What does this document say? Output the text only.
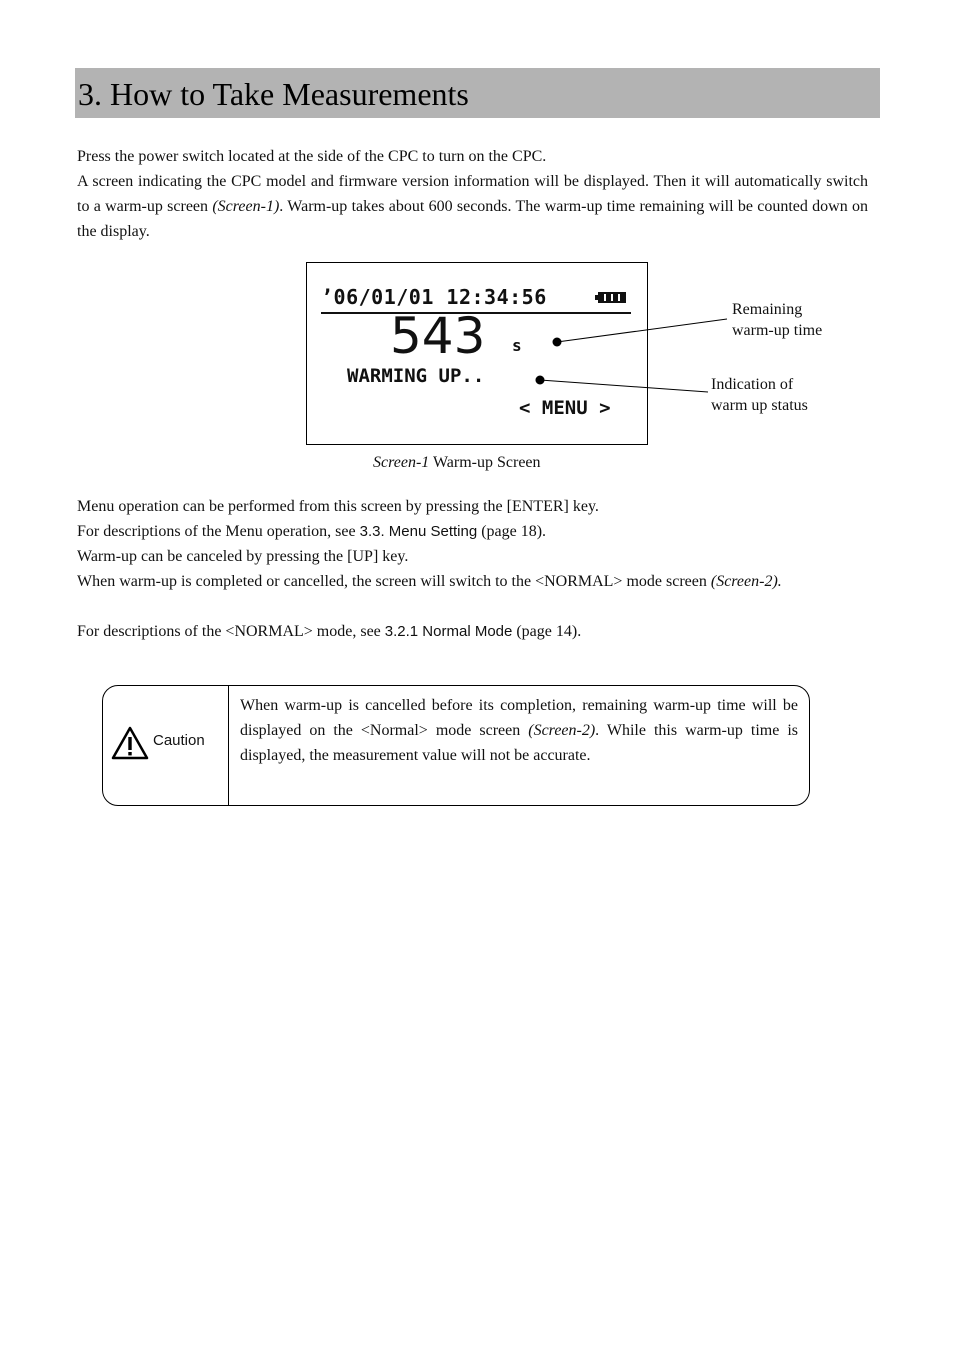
3. How to Take Measurements

Press the power switch located at the side of the CPC to turn on the CPC.

A screen indicating the CPC model and firmware version information will be displayed. Then it will automatically switch to a warm-up screen (Screen-1). Warm-up takes about 600 seconds. The warm-up time remaining will be counted down on the display.

’06/01/01 12:34:56
543 s
WARMING UP..
< MENU >
Remaining
warm-up time
Indication of
warm up status
Screen-1 Warm-up Screen

Menu operation can be performed from this screen by pressing the [ENTER] key.

For descriptions of the Menu operation, see 3.3. Menu Setting (page 18).

Warm-up can be canceled by pressing the [UP] key.

When warm-up is completed or cancelled, the screen will switch to the <NORMAL> mode screen (Screen-2).

For descriptions of the <NORMAL> mode, see 3.2.1 Normal Mode (page 14).

Caution

When warm-up is cancelled before its completion, remaining warm-up time will be displayed on the <Normal> mode screen (Screen-2). While this warm-up time is displayed, the measurement value will not be accurate.
